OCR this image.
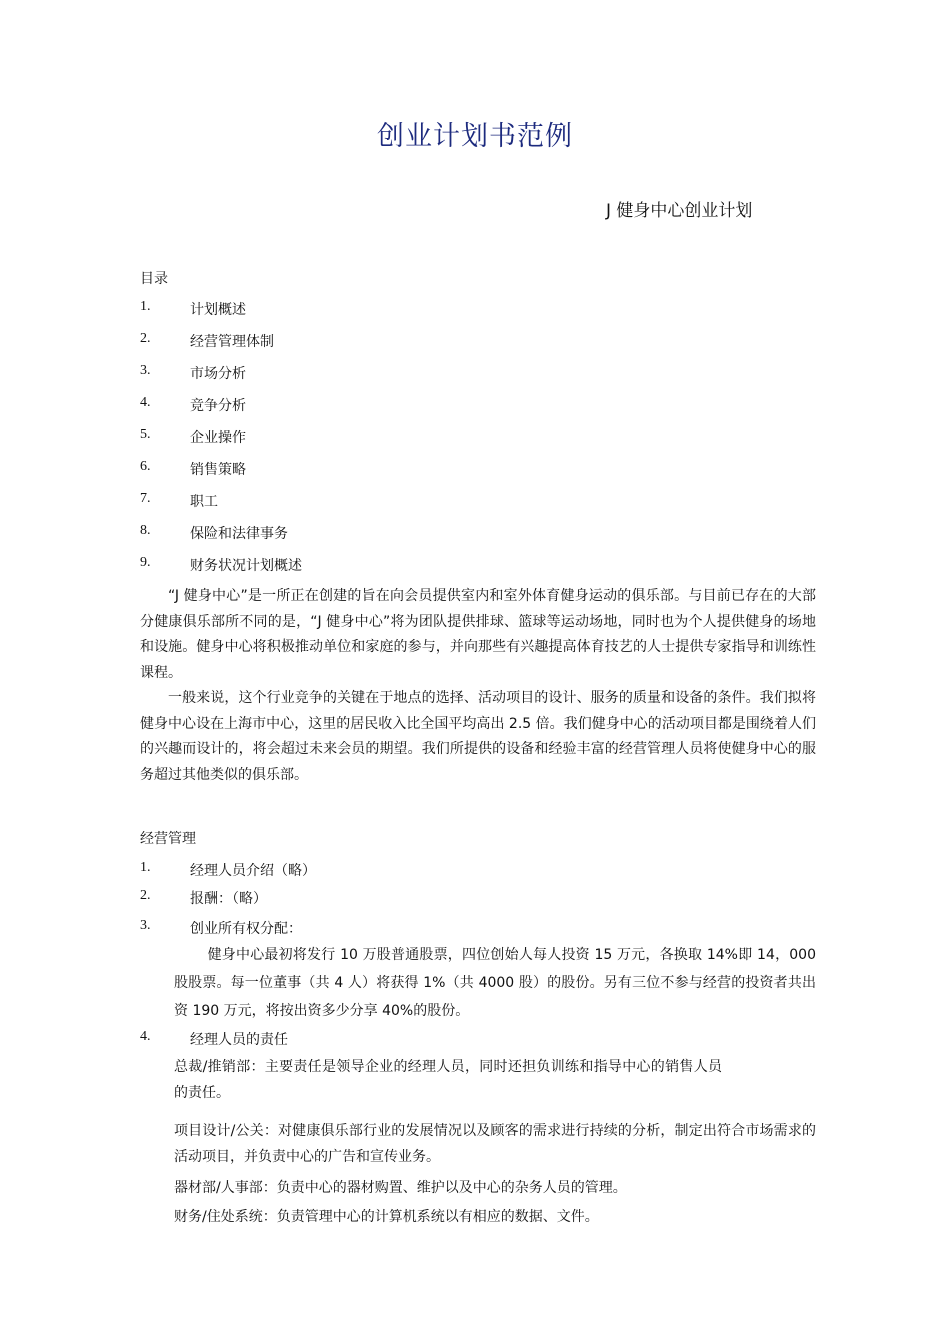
创业计划书范例
J 健身中心创业计划
目录
1.	计划概述
2.	经营管理体制
3.	市场分析
4.	竞争分析
5.	企业操作
6.	销售策略
7.	职工
8.	保险和法律事务
9.	财务状况计划概述
“J 健身中心”是一所正在创建的旨在向会员提供室内和室外体育健身运动的俱乐部。与目前已存在的大部分健康俱乐部所不同的是，“J 健身中心”将为团队提供排球、篮球等运动场地，同时也为个人提供健身的场地和设施。健身中心将积极推动单位和家庭的参与，并向那些有兴趣提高体育技艺的人士提供专家指导和训练性课程。
一般来说，这个行业竞争的关键在于地点的选择、活动项目的设计、服务的质量和设备的条件。我们拟将健身中心设在上海市中心，这里的居民收入比全国平均高出 2.5 倍。我们健身中心的活动项目都是围绕着人们的兴趣而设计的，将会超过未来会员的期望。我们所提供的设备和经验丰富的经营管理人员将使健身中心的服务超过其他类似的俱乐部。
经营管理
1.	经理人员介绍（略）
2.	报酬：（略）
3.	创业所有权分配：
健身中心最初将发行 10 万股普通股票，四位创始人每人投资 15 万元，各换取 14%即 14，000 股股票。每一位董事（共 4 人）将获得 1%（共 4000 股）的股份。另有三位不参与经营的投资者共出资 190 万元，将按出资多少分享 40%的股份。
4.	经理人员的责任
总裁/推销部：主要责任是领导企业的经理人员，同时还担负训练和指导中心的销售人员的责任。
项目设计/公关：对健康俱乐部行业的发展情况以及顾客的需求进行持续的分析，制定出符合市场需求的活动项目，并负责中心的广告和宣传业务。
器材部/人事部：负责中心的器材购置、维护以及中心的杂务人员的管理。
财务/住处系统：负责管理中心的计算机系统以有相应的数据、文件。
